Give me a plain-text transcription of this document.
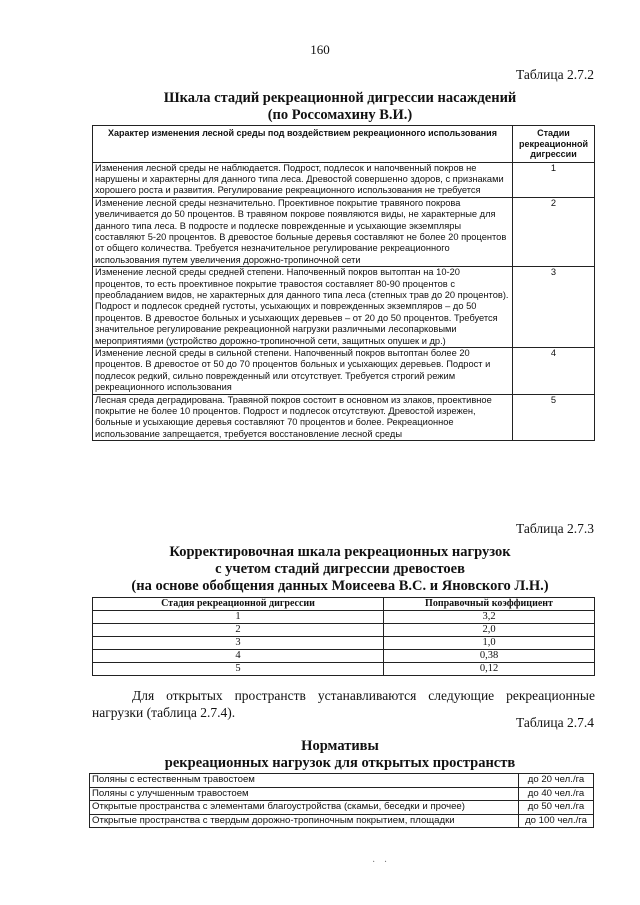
160
Таблица 2.7.2
Шкала стадий рекреационной дигрессии насаждений
(по Россомахину В.И.)
Характер изменения лесной среды под воздействием рекреационного использования	Стадии рекреационной дигрессии
Изменения лесной среды не наблюдается. Подрост, подлесок и напочвенный покров не нарушены и характерны для данного типа леса. Древостой совершенно здоров, с признаками хорошего роста и развития. Регулирование рекреационного использования не требуется	1
Изменение лесной среды незначительно. Проективное покрытие травяного покрова увеличивается до 50 процентов. В травяном покрове появляются виды, не характерные для данного типа леса. В подросте и подлеске поврежденные и усыхающие экземпляры составляют 5-20 процентов. В древостое больные деревья составляют не более 20 процентов от общего количества. Требуется незначительное регулирование рекреационного использования путем увеличения дорожно-тропиночной сети	2
Изменение лесной среды средней степени. Напочвенный покров вытоптан на 10-20 процентов, то есть проективное покрытие травостоя составляет 80-90 процентов с преобладанием видов, не характерных для данного типа леса (степных трав до 20 процентов). Подрост и подлесок средней густоты, усыхающих и поврежденных экземпляров – до 50 процентов. В древостое больных и усыхающих деревьев – от 20 до 50 процентов. Требуется значительное регулирование рекреационной нагрузки различными лесопарковыми мероприятиями (устройство дорожно-тропиночной сети, защитных опушек и др.)	3
Изменение лесной среды в сильной степени. Напочвенный покров вытоптан более 20 процентов. В древостое от 50 до 70 процентов больных и усыхающих деревьев. Подрост и подлесок редкий, сильно поврежденный или отсутствует. Требуется строгий режим рекреационного использования	4
Лесная среда деградирована. Травяной покров состоит в основном из злаков, проективное покрытие не более 10 процентов. Подрост и подлесок отсутствуют. Древостой изрежен, больные и усыхающие деревья составляют 70 процентов и более. Рекреационное использование запрещается, требуется восстановление лесной среды	5
Таблица 2.7.3
Корректировочная шкала рекреационных нагрузок
с учетом стадий дигрессии древостоев
(на основе обобщения данных Моисеева В.С. и Яновского Л.Н.)
Стадия рекреационной дигрессии	Поправочный коэффициент
1	3,2
2	2,0
3	1,0
4	0,38
5	0,12
Для открытых пространств устанавливаются следующие рекреационные
нагрузки (таблица 2.7.4).
Таблица 2.7.4
Нормативы
рекреационных нагрузок для открытых пространств
Поляны с естественным травостоем	до 20 чел./га
Поляны с улучшенным травостоем	до 40 чел./га
Открытые пространства с элементами благоустройства (скамьи, беседки и прочее)	до 50 чел./га
Открытые пространства с твердым дорожно-тропиночным покрытием, площадки	до 100 чел./га
· ·
